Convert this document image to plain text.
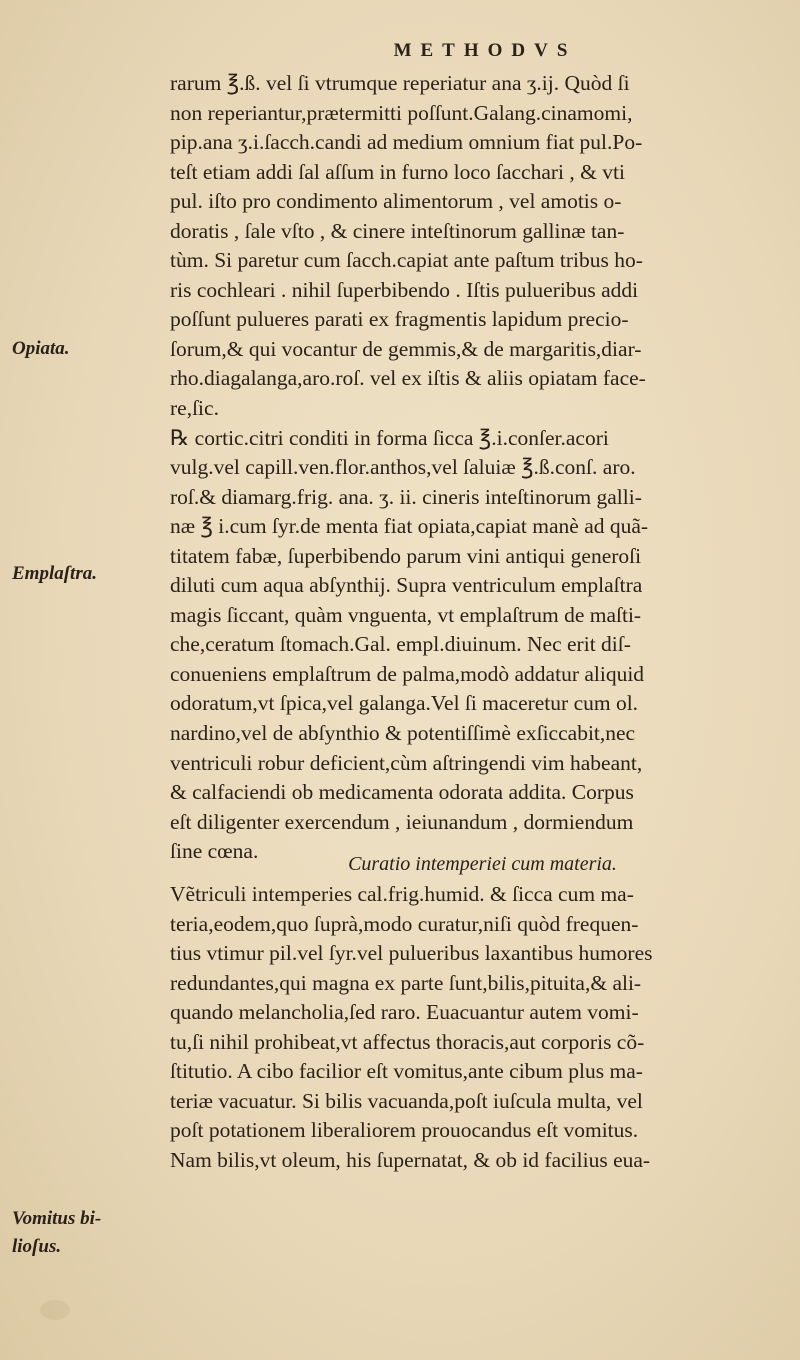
METHODVS
Opiata.
Emplaſtra.
Vomitus bi-
lioſus.
rarum ℥.ß. vel ſi vtrumque reperiatur ana ʒ.ij. Quòd ſi
non reperiantur,prætermitti poſſunt.Galang.cinamomi,
pip.ana ʒ.i.ſacch.candi ad medium omnium fiat pul.Po-
teſt etiam addi ſal aſſum in furno loco ſacchari , & vti
pul. iſto pro condimento alimentorum , vel amotis o-
doratis , ſale vſto , & cinere inteſtinorum gallinæ tan-
tùm. Si paretur cum ſacch.capiat ante paſtum tribus ho-
ris cochleari . nihil ſuperbibendo . Iſtis pulueribus addi
poſſunt pulueres parati ex fragmentis lapidum precio-
ſorum,& qui vocantur de gemmis,& de margaritis,diar-
rho.diagalanga,aro.roſ. vel ex iſtis & aliis opiatam face-
re,ſic.
℞ cortic.citri conditi in forma ſicca ℥.i.conſer.acori
vulg.vel capill.ven.flor.anthos,vel ſaluiæ ℥.ß.conſ. aro.
roſ.& diamarg.frig. ana. ʒ. ii. cineris inteſtinorum galli-
næ ℥ i.cum ſyr.de menta fiat opiata,capiat manè ad quã-
titatem fabæ, ſuperbibendo parum vini antiqui generoſi
diluti cum aqua abſynthij. Supra ventriculum emplaſtra
magis ſiccant, quàm vnguenta, vt emplaſtrum de maſti-
che,ceratum ſtomach.Gal. empl.diuinum. Nec erit diſ-
conueniens emplaſtrum de palma,modò addatur aliquid
odoratum,vt ſpica,vel galanga.Vel ſi maceretur cum ol.
nardino,vel de abſynthio & potentiſſimè exſiccabit,nec
ventriculi robur deficient,cùm aſtringendi vim habeant,
& calfaciendi ob medicamenta odorata addita. Corpus
eſt diligenter exercendum , ieiunandum , dormiendum
ſine cœna.
Curatio intemperiei cum materia.
Vẽtriculi intemperies cal.frig.humid. & ſicca cum ma-
teria,eodem,quo ſuprà,modo curatur,niſi quòd frequen-
tius vtimur pil.vel ſyr.vel pulueribus laxantibus humores
redundantes,qui magna ex parte ſunt,bilis,pituita,& ali-
quando melancholia,ſed raro. Euacuantur autem vomi-
tu,ſi nihil prohibeat,vt affectus thoracis,aut corporis cõ-
ſtitutio. A cibo facilior eſt vomitus,ante cibum plus ma-
teriæ vacuatur. Si bilis vacuanda,poſt iuſcula multa, vel
poſt potationem liberaliorem prouocandus eſt vomitus.
Nam bilis,vt oleum, his ſupernatat, & ob id facilius eua-
